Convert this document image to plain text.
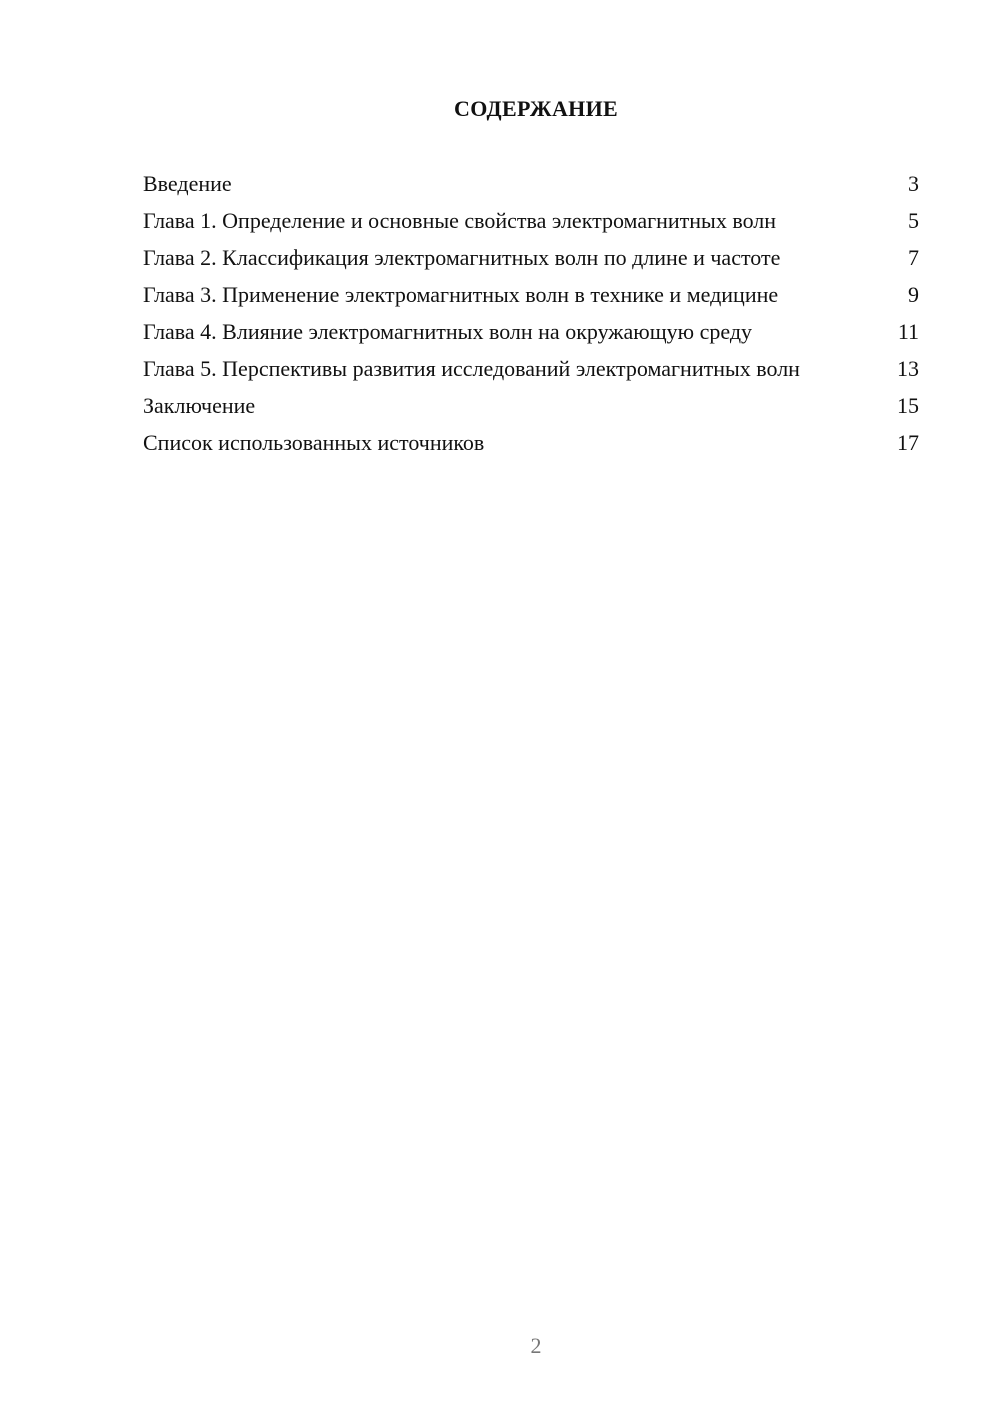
СОДЕРЖАНИЕ
Введение	3
Глава 1. Определение и основные свойства электромагнитных волн	5
Глава 2. Классификация электромагнитных волн по длине и частоте	7
Глава 3. Применение электромагнитных волн в технике и медицине	9
Глава 4. Влияние электромагнитных волн на окружающую среду	11
Глава 5. Перспективы развития исследований электромагнитных волн	13
Заключение	15
Список использованных источников	17
2
